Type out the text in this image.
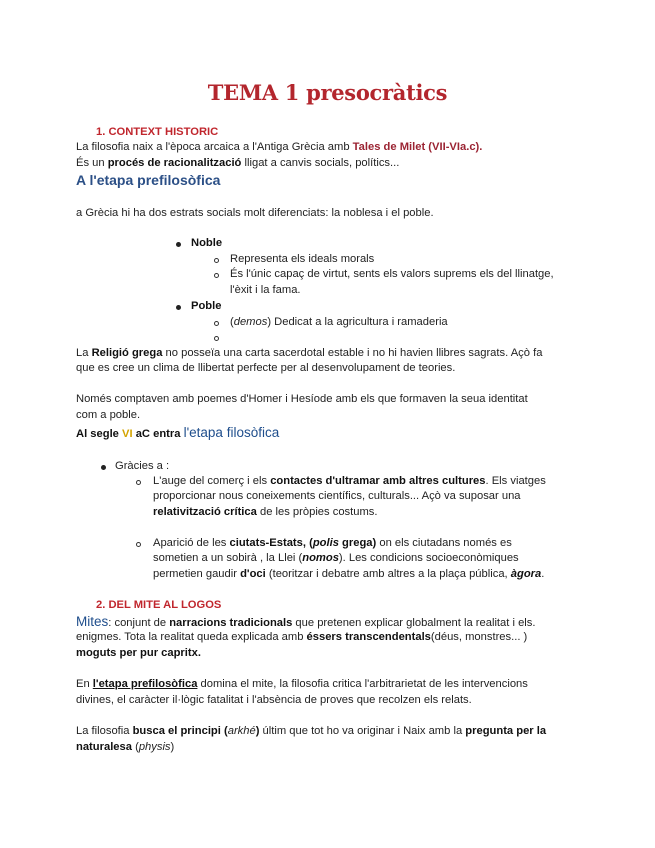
TEMA 1 presocràtics
1. CONTEXT HISTORIC
La filosofia naix a l'època arcaica a l'Antiga Grècia amb Tales de Milet (VII-VIa.c).
És un procés de racionalització lligat a canvis socials, polítics...
A l'etapa prefilosòfica
a Grècia hi ha dos estrats socials molt diferenciats: la noblesa i el poble.
Noble
Representa els ideals morals
És l'únic capaç de virtut, sents els valors suprems els del llinatge,
l'èxit i la fama.
Poble
(demos) Dedicat a la agricultura i ramaderia
La Religió grega no posseïa una carta sacerdotal estable i no hi havien llibres sagrats. Açò fa
que es cree un clima de llibertat perfecte per al desenvolupament de teories.
Només comptaven amb poemes d'Homer i Hesíode amb els que formaven la seua identitat
com a poble.
Al segle VI aC entra l'etapa filosòfica
Gràcies a :
L'auge del comerç i els contactes d'ultramar amb altres cultures. Els viatges
proporcionar nous coneixements científics, culturals... Açò va suposar una
relativització crítica de les pròpies costums.
Aparició de les ciutats-Estats, (polis grega) on els ciutadans només es
sometien a un sobirà , la Llei (nomos). Les condicions socioeconòmiques
permetien gaudir d'oci (teoritzar i debatre amb altres a la plaça pública, àgora.
2. DEL MITE AL LOGOS
Mites: conjunt de narracions tradicionals que pretenen explicar globalment la realitat i els.
enigmes. Tota la realitat queda explicada amb éssers transcendentals(déus, monstres... )
moguts per pur capritx.
En l'etapa prefilosòfica domina el mite, la filosofia critica l'arbitrarietat de les intervencions
divines, el caràcter il·lògic fatalitat i l'absència de proves que recolzen els relats.
La filosofia busca el principi (arkhé) últim que tot ho va originar i Naix amb la pregunta per la
naturalesa (physis)
